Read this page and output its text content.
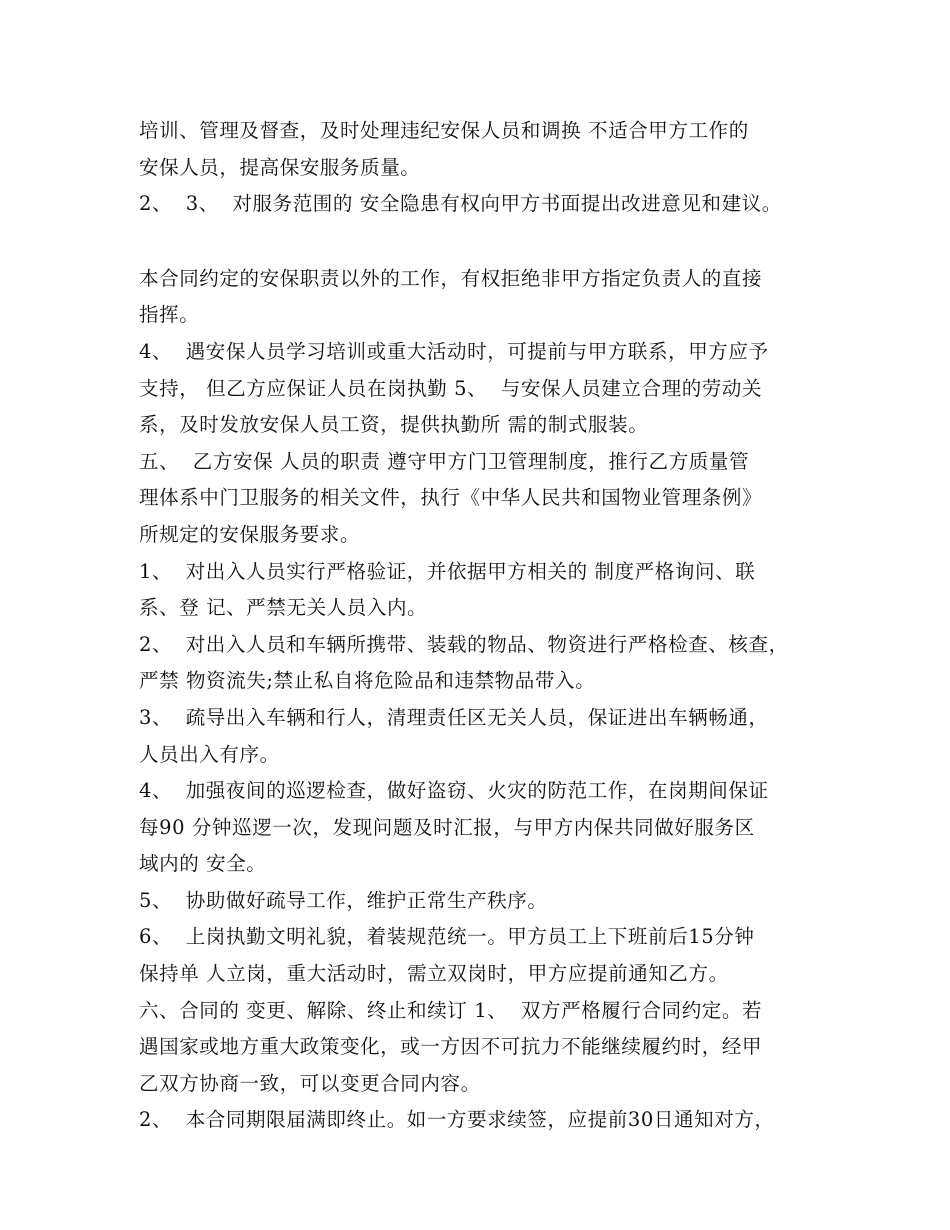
培训、管理及督查，及时处理违纪安保人员和调换 不适合甲方工作的
安保人员，提高保安服务质量。
2、  3、  对服务范围的 安全隐患有权向甲方书面提出改进意见和建议。
本合同约定的安保职责以外的工作，有权拒绝非甲方指定负责人的直接
指挥。
4、  遇安保人员学习培训或重大活动时，可提前与甲方联系，甲方应予
支持， 但乙方应保证人员在岗执勤 5、  与安保人员建立合理的劳动关
系，及时发放安保人员工资，提供执勤所 需的制式服装。
五、  乙方安保 人员的职责 遵守甲方门卫管理制度，推行乙方质量管
理体系中门卫服务的相关文件，执行《中华人民共和国物业管理条例》
所规定的安保服务要求。
1、  对出入人员实行严格验证，并依据甲方相关的 制度严格询问、联
系、登 记、严禁无关人员入内。
2、  对出入人员和车辆所携带、装载的物品、物资进行严格检查、核查，
严禁 物资流失;禁止私自将危险品和违禁物品带入。
3、  疏导出入车辆和行人，清理责任区无关人员，保证进出车辆畅通，
人员出入有序。
4、  加强夜间的巡逻检查，做好盗窃、火灾的防范工作，在岗期间保证
每90 分钟巡逻一次，发现问题及时汇报，与甲方内保共同做好服务区
域内的 安全。
5、  协助做好疏导工作，维护正常生产秩序。
6、  上岗执勤文明礼貌，着装规范统一。甲方员工上下班前后15分钟
保持单 人立岗，重大活动时，需立双岗时，甲方应提前通知乙方。
六、合同的 变更、解除、终止和续订 1、  双方严格履行合同约定。若
遇国家或地方重大政策变化，或一方因不可抗力不能继续履约时，经甲
乙双方协商一致，可以变更合同内容。
2、  本合同期限届满即终止。如一方要求续签，应提前30日通知对方，
